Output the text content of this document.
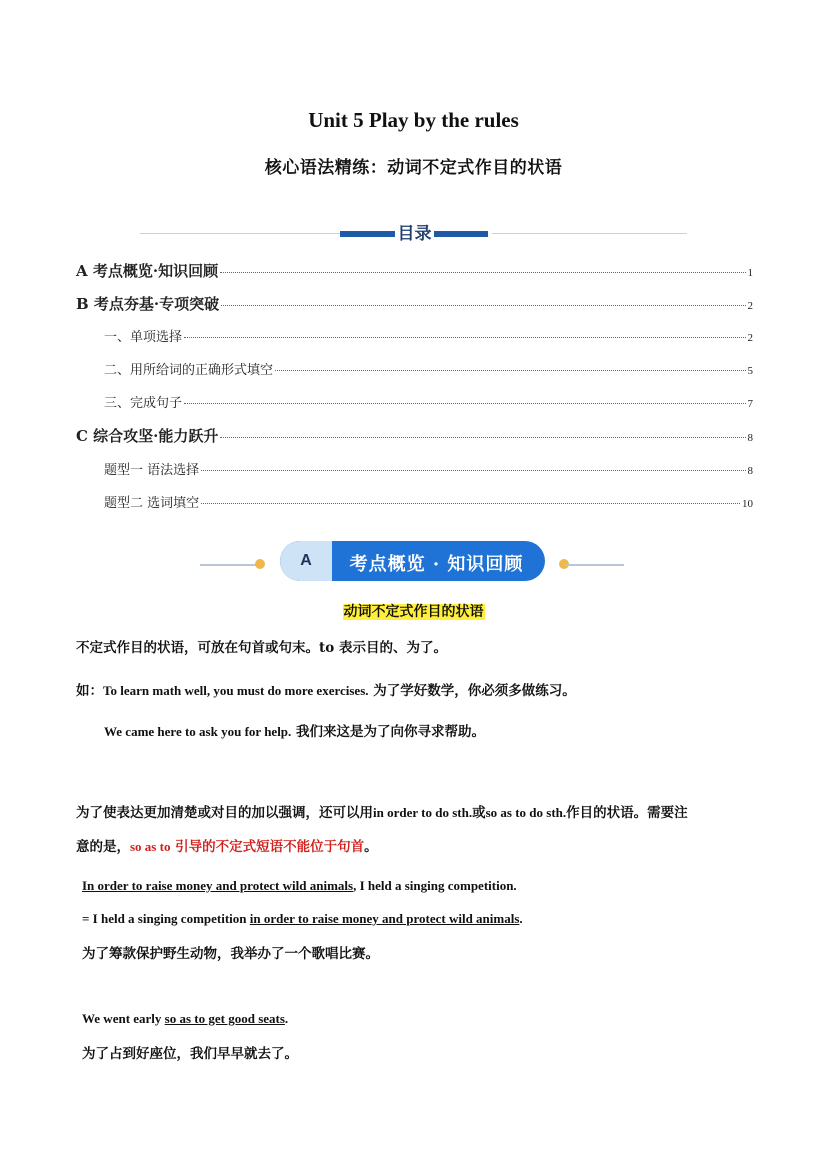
Unit 5 Play by the rules
核心语法精练：动词不定式作目的状语
目录
A 考点概览·知识回顾	1
B 考点夯基·专项突破	2
一、单项选择	2
二、用所给词的正确形式填空	5
三、完成句子	7
C 综合攻坚·能力跃升	8
题型一 语法选择	8
题型二 选词填空	10
A	考点概览 · 知识回顾
动词不定式作目的状语
不定式作目的状语，可放在句首或句末。to 表示目的、为了。
如：To learn math well, you must do more exercises. 为了学好数学，你必须多做练习。
We came here to ask you for help. 我们来这是为了向你寻求帮助。
为了使表达更加清楚或对目的加以强调，还可以用in order to do sth.或so as to do sth.作目的状语。需要注
意的是，so as to 引导的不定式短语不能位于句首。
In order to raise money and protect wild animals, I held a singing competition.
= I held a singing competition in order to raise money and protect wild animals.
为了筹款保护野生动物，我举办了一个歌唱比赛。
We went early so as to get good seats.
为了占到好座位，我们早早就去了。
